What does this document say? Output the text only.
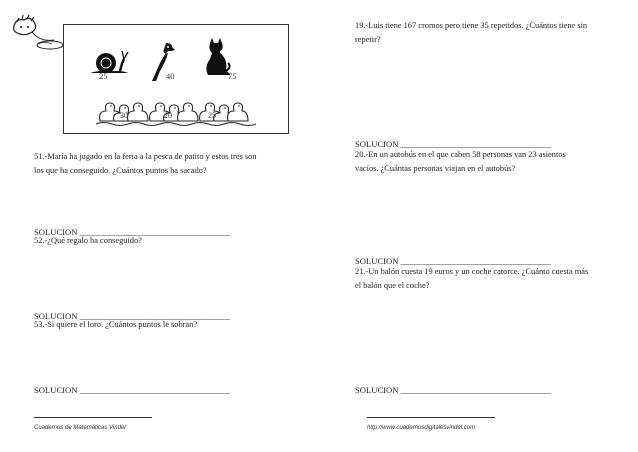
25	40	75
30	20	25
51.-María ha jugado en la feria a la pesca de patito y estos tres son
los que ha conseguido. ¿Cuántos puntos ha sacado?
SOLUCION ___________________________________
52.-¿Qué regalo ha conseguido?
SOLUCION ___________________________________
53.-Si quiere el loro. ¿Cuántos puntos le sobran?
SOLUCION ___________________________________
Cuadernos de Matemáticas Vindel
19.-Luis tiene 167 cromos pero tiene 35 repetidos. ¿Cuántos tiene sin
repetir?
SOLUCION ___________________________________
20.-En un autobús en el que caben 58 personas van 23 asientos
vacíos. ¿Cuántas personas viajan en el autobús?
SOLUCION ___________________________________
21.-Un balón cuesta 19 euros y un coche catorce. ¿Cuánto cuesta más
el balón que el coche?
SOLUCION ___________________________________
http://www.cuadernosdigitalesvindel.com
